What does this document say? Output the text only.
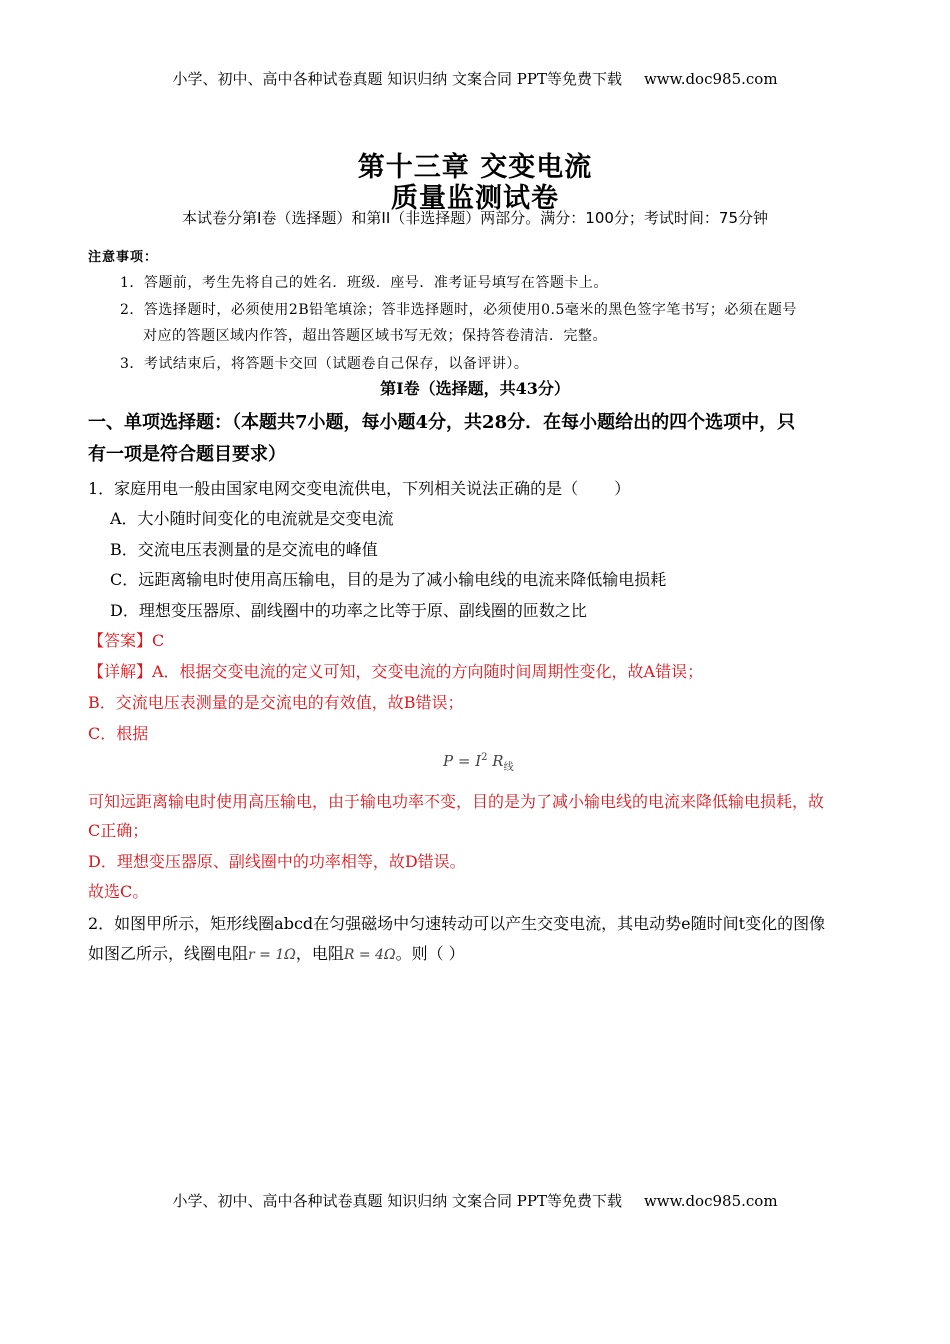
小学、初中、高中各种试卷真题 知识归纳 文案合同 PPT等免费下载 www.doc985.com
第十三章 交变电流
质量监测试卷
本试卷分第I卷（选择题）和第II（非选择题）两部分。满分：100分；考试时间：75分钟
注意事项：
1．答题前，考生先将自己的姓名．班级．座号．准考证号填写在答题卡上。
2．答选择题时，必须使用2B铅笔填涂；答非选择题时，必须使用0.5毫米的黑色签字笔书写；必须在题号
对应的答题区域内作答，超出答题区域书写无效；保持答卷清洁．完整。
3．考试结束后，将答题卡交回（试题卷自己保存，以备评讲）。
第I卷（选择题，共43分）
一、单项选择题：（本题共7小题，每小题4分，共28分．在每小题给出的四个选项中，只
有一项是符合题目要求）
1．家庭用电一般由国家电网交变电流供电，下列相关说法正确的是（ ）
A．大小随时间变化的电流就是交变电流
B．交流电压表测量的是交流电的峰值
C．远距离输电时使用高压输电，目的是为了减小输电线的电流来降低输电损耗
D．理想变压器原、副线圈中的功率之比等于原、副线圈的匝数之比
【答案】C
【详解】A．根据交变电流的定义可知，交变电流的方向随时间周期性变化，故A错误；
B．交流电压表测量的是交流电的有效值，故B错误；
C．根据
$P = I^2$ $R_线$
可知远距离输电时使用高压输电，由于输电功率不变，目的是为了减小输电线的电流来降低输电损耗，故
C正确；
D．理想变压器原、副线圈中的功率相等，故D错误。
故选C。
2．如图甲所示，矩形线圈abcd在匀强磁场中匀速转动可以产生交变电流，其电动势e随时间t变化的图像
如图乙所示，线圈电阻r = 1Ω，电阻R = 4Ω。则（ ）
小学、初中、高中各种试卷真题 知识归纳 文案合同 PPT等免费下载 www.doc985.com
